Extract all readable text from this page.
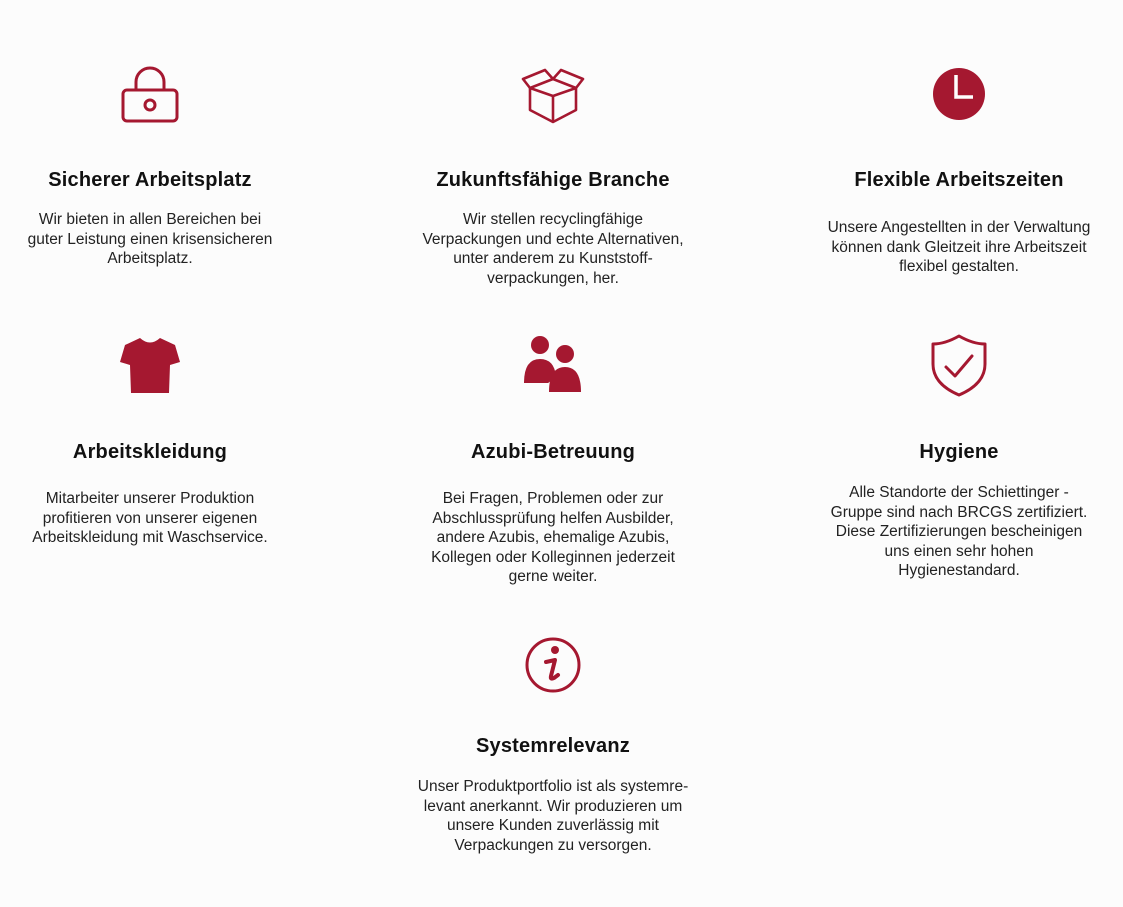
Sicherer Arbeitsplatz
Wir bieten in allen Bereichen bei
guter Leistung einen krisensicheren
Arbeitsplatz.
Zukunftsfähige Branche
Wir stellen recyclingfähige
Verpackungen und echte Alternativen,
unter anderem zu Kunststoff-
verpackungen, her.
Flexible Arbeitszeiten
Unsere Angestellten in der Verwaltung
können dank Gleitzeit ihre Arbeitszeit
flexibel gestalten.
Arbeitskleidung
Mitarbeiter unserer Produktion
profitieren von unserer eigenen
Arbeitskleidung mit Waschservice.
Azubi-Betreuung
Bei Fragen, Problemen oder zur
Abschlussprüfung helfen Ausbilder,
andere Azubis, ehemalige Azubis,
Kollegen oder Kolleginnen jederzeit
gerne weiter.
Hygiene
Alle Standorte der Schiettinger -
Gruppe sind nach BRCGS zertifiziert.
Diese Zertifizierungen bescheinigen
uns einen sehr hohen
Hygienestandard.
Systemrelevanz
Unser Produktportfolio ist als systemre-
levant anerkannt. Wir produzieren um
unsere Kunden zuverlässig mit
Verpackungen zu versorgen.
